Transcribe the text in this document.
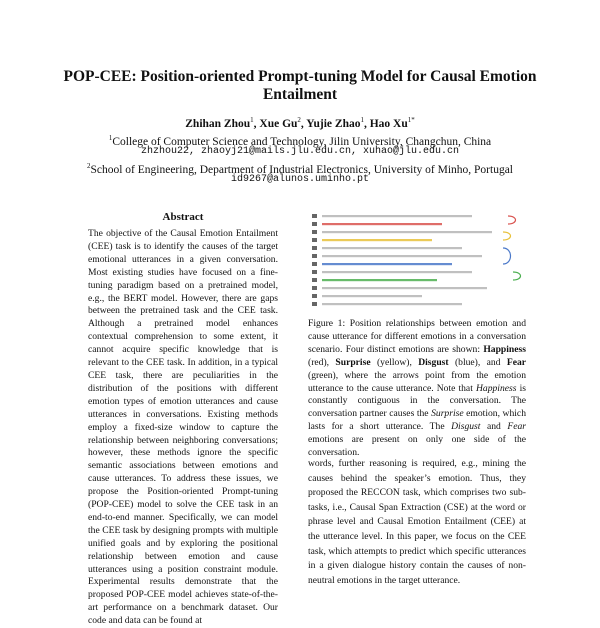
POP-CEE: Position-oriented Prompt-tuning Model for Causal Emotion Entailment
Zhihan Zhou$^1$, Xue Gu$^2$, Yujie Zhao$^1$, Hao $Xu^{1*}$
$^1$College of Computer Science and Technology, Jilin University, Changchun, China
zhzhou22, zhaoyj21@mails.jlu.edu.cn, xuhao@jlu.edu.cn
$^2$School of Engineering, Department of Industrial Electronics, University of Minho, Portugal
id9267@alunos.uminho.pt
Abstract
The objective of the Causal Emotion Entailment (CEE) task is to identify the causes of the target emotional utterances in a given conversation. Most existing studies have focused on a fine-tuning paradigm based on a pretrained model, e.g., the BERT model. However, there are gaps between the pretrained task and the CEE task. Although a pretrained model enhances contextual comprehension to some extent, it cannot acquire specific knowledge that is relevant to the CEE task. In addition, in a typical CEE task, there are peculiarities in the distribution of the positions with different emotion types of emotion utterances and cause utterances in conversations. Existing methods employ a fixed-size window to capture the relationship between neighboring conversations; however, these methods ignore the specific semantic associations between emotions and cause utterances. To address these issues, we propose the Position-oriented Prompt-tuning (POP-CEE) model to solve the CEE task in an end-to-end manner. Specifically, we can model the CEE task by designing prompts with multiple unified goals and by exploring the positional relationship between emotion and cause utterances using a position constraint module. Experimental results demonstrate that the proposed POP-CEE model achieves state-of-the-art performance on a benchmark dataset. Our code and data can be found at
Figure 1: Position relationships between emotion and cause utterance for different emotions in a conversation scenario. Four distinct emotions are shown: Happiness (red), Surprise (yellow), Disgust (blue), and Fear (green), where the arrows point from the emotion utterance to the cause utterance. Note that Happiness is constantly contiguous in the conversation. The conversation partner causes the Surprise emotion, which lasts for a short utterance. The Disgust and Fear emotions are present on only one side of the conversation.
words, further reasoning is required, e.g., mining the causes behind the speaker’s emotion. Thus, they proposed the RECCON task, which comprises two sub-tasks, i.e., Causal Span Extraction (CSE) at the word or phrase level and Causal Emotion Entailment (CEE) at the utterance level. In this paper, we focus on the CEE task, which attempts to predict which specific utterances in a given dialogue history contain the causes of non-neutral emotions in the target utterance.
